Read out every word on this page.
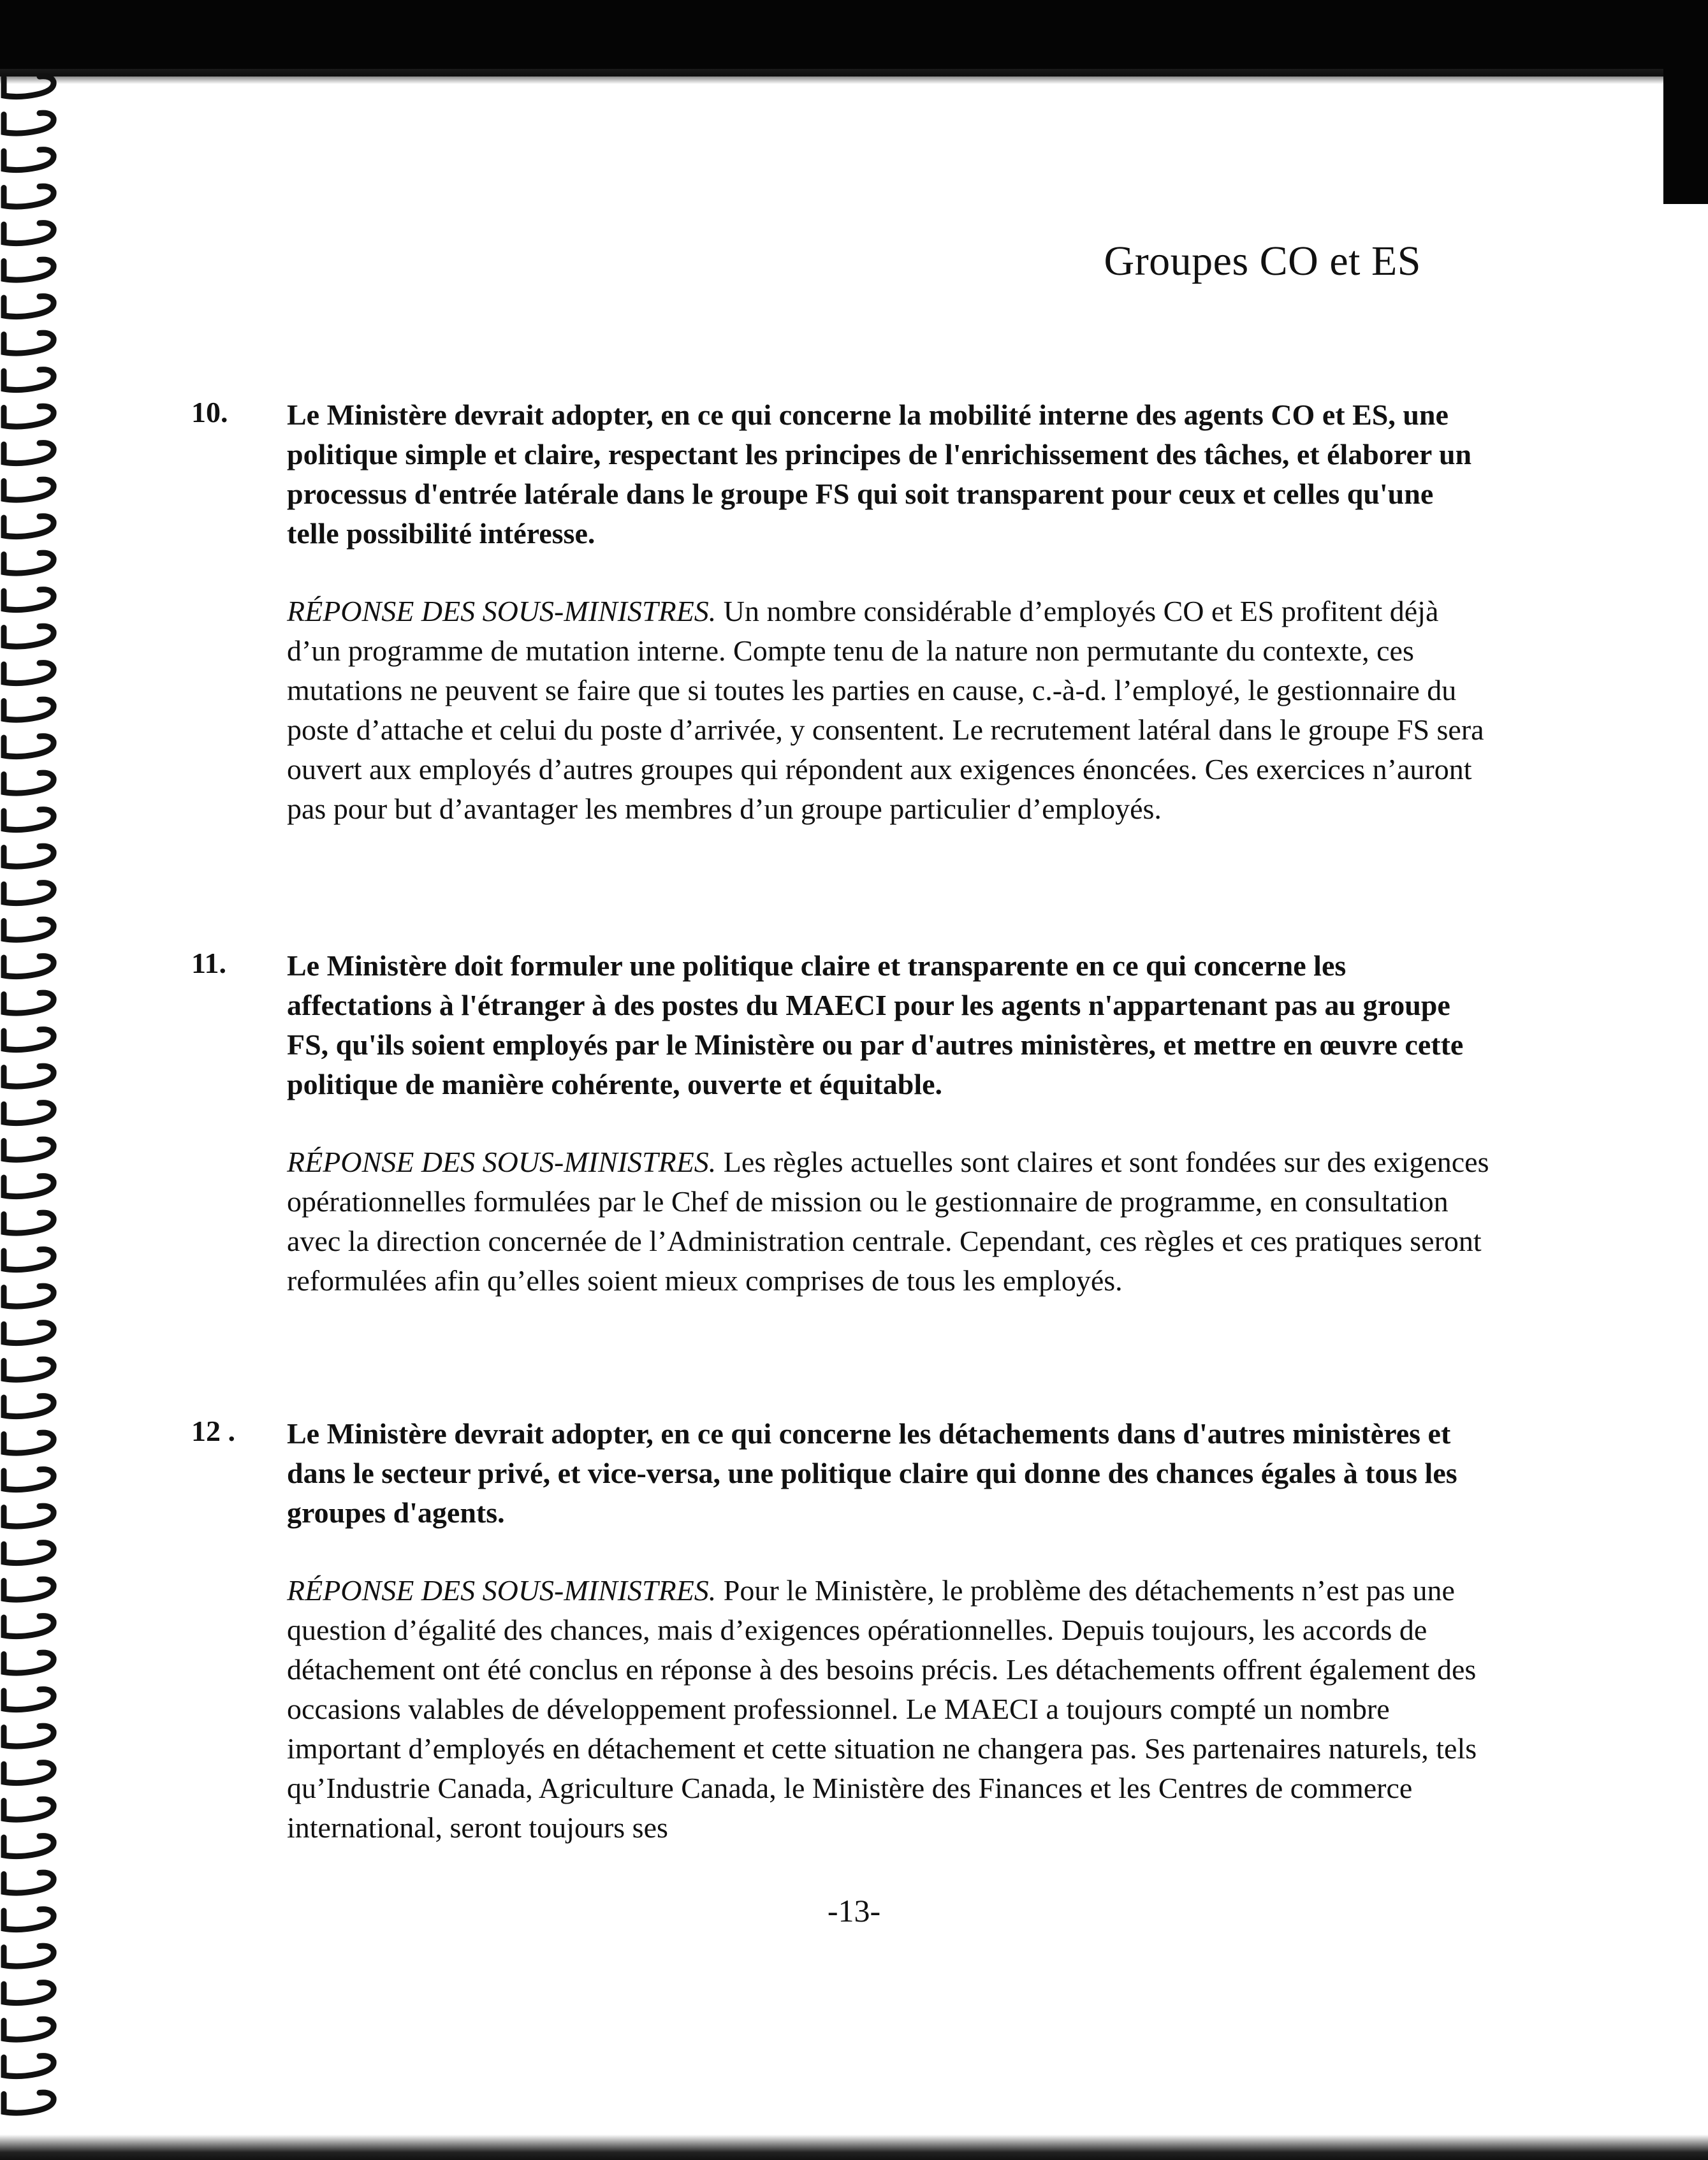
Groupes CO et ES
10. Le Ministère devrait adopter, en ce qui concerne la mobilité interne des agents CO et ES, une politique simple et claire, respectant les principes de l'enrichissement des tâches, et élaborer un processus d'entrée latérale dans le groupe FS qui soit transparent pour ceux et celles qu'une telle possibilité intéresse.

RÉPONSE DES SOUS-MINISTRES. Un nombre considérable d’employés CO et ES profitent déjà d’un programme de mutation interne. Compte tenu de la nature non permutante du contexte, ces mutations ne peuvent se faire que si toutes les parties en cause, c.-à-d. l’employé, le gestionnaire du poste d’attache et celui du poste d’arrivée, y consentent. Le recrutement latéral dans le groupe FS sera ouvert aux employés d’autres groupes qui répondent aux exigences énoncées. Ces exercices n’auront pas pour but d’avantager les membres d’un groupe particulier d’employés.

11. Le Ministère doit formuler une politique claire et transparente en ce qui concerne les affectations à l'étranger à des postes du MAECI pour les agents n'appartenant pas au groupe FS, qu'ils soient employés par le Ministère ou par d'autres ministères, et mettre en œuvre cette politique de manière cohérente, ouverte et équitable.

RÉPONSE DES SOUS-MINISTRES. Les règles actuelles sont claires et sont fondées sur des exigences opérationnelles formulées par le Chef de mission ou le gestionnaire de programme, en consultation avec la direction concernée de l’Administration centrale. Cependant, ces règles et ces pratiques seront reformulées afin qu’elles soient mieux comprises de tous les employés.

12 . Le Ministère devrait adopter, en ce qui concerne les détachements dans d'autres ministères et dans le secteur privé, et vice-versa, une politique claire qui donne des chances égales à tous les groupes d'agents.

RÉPONSE DES SOUS-MINISTRES. Pour le Ministère, le problème des détachements n’est pas une question d’égalité des chances, mais d’exigences opérationnelles. Depuis toujours, les accords de détachement ont été conclus en réponse à des besoins précis. Les détachements offrent également des occasions valables de développement professionnel. Le MAECI a toujours compté un nombre important d’employés en détachement et cette situation ne changera pas. Ses partenaires naturels, tels qu’Industrie Canada, Agriculture Canada, le Ministère des Finances et les Centres de commerce international, seront toujours ses

-13-
